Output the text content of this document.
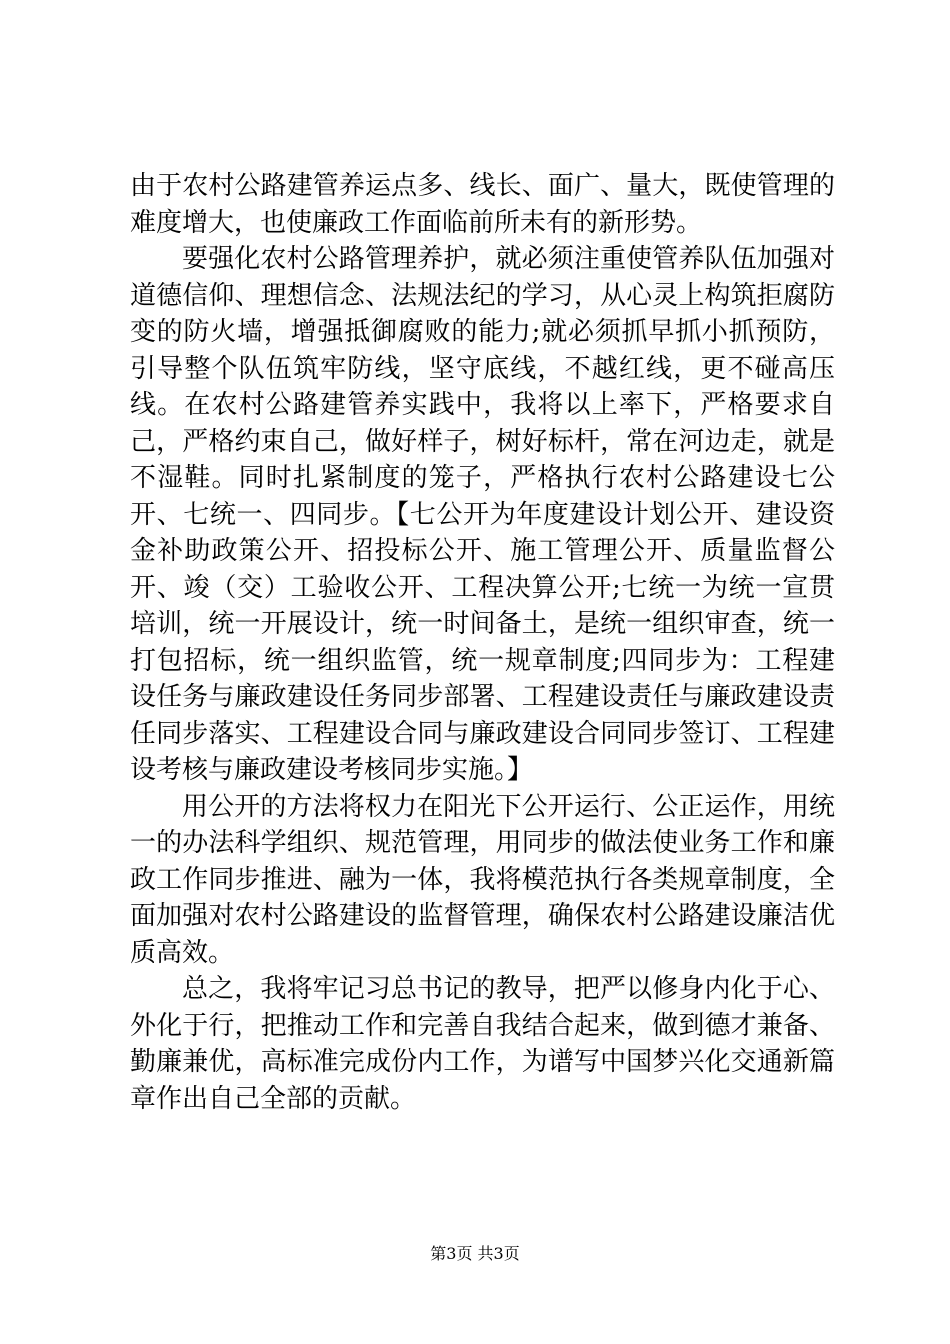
由于农村公路建管养运点多、线长、面广、量大，既使管理的难度增大，也使廉政工作面临前所未有的新形势。

要强化农村公路管理养护，就必须注重使管养队伍加强对道德信仰、理想信念、法规法纪的学习，从心灵上构筑拒腐防变的防火墙，增强抵御腐败的能力;就必须抓早抓小抓预防，引导整个队伍筑牢防线，坚守底线，不越红线，更不碰高压线。在农村公路建管养实践中，我将以上率下，严格要求自己，严格约束自己，做好样子，树好标杆，常在河边走，就是不湿鞋。同时扎紧制度的笼子，严格执行农村公路建设七公开、七统一、四同步。【七公开为年度建设计划公开、建设资金补助政策公开、招投标公开、施工管理公开、质量监督公开、竣（交）工验收公开、工程决算公开;七统一为统一宣贯培训，统一开展设计，统一时间备土，是统一组织审查，统一打包招标，统一组织监管，统一规章制度;四同步为：工程建设任务与廉政建设任务同步部署、工程建设责任与廉政建设责任同步落实、工程建设合同与廉政建设合同同步签订、工程建设考核与廉政建设考核同步实施。】

用公开的方法将权力在阳光下公开运行、公正运作，用统一的办法科学组织、规范管理，用同步的做法使业务工作和廉政工作同步推进、融为一体，我将模范执行各类规章制度，全面加强对农村公路建设的监督管理，确保农村公路建设廉洁优质高效。

总之，我将牢记习总书记的教导，把严以修身内化于心、外化于行，把推动工作和完善自我结合起来，做到德才兼备、勤廉兼优，高标准完成份内工作，为谱写中国梦兴化交通新篇章作出自己全部的贡献。

第3页 共3页
